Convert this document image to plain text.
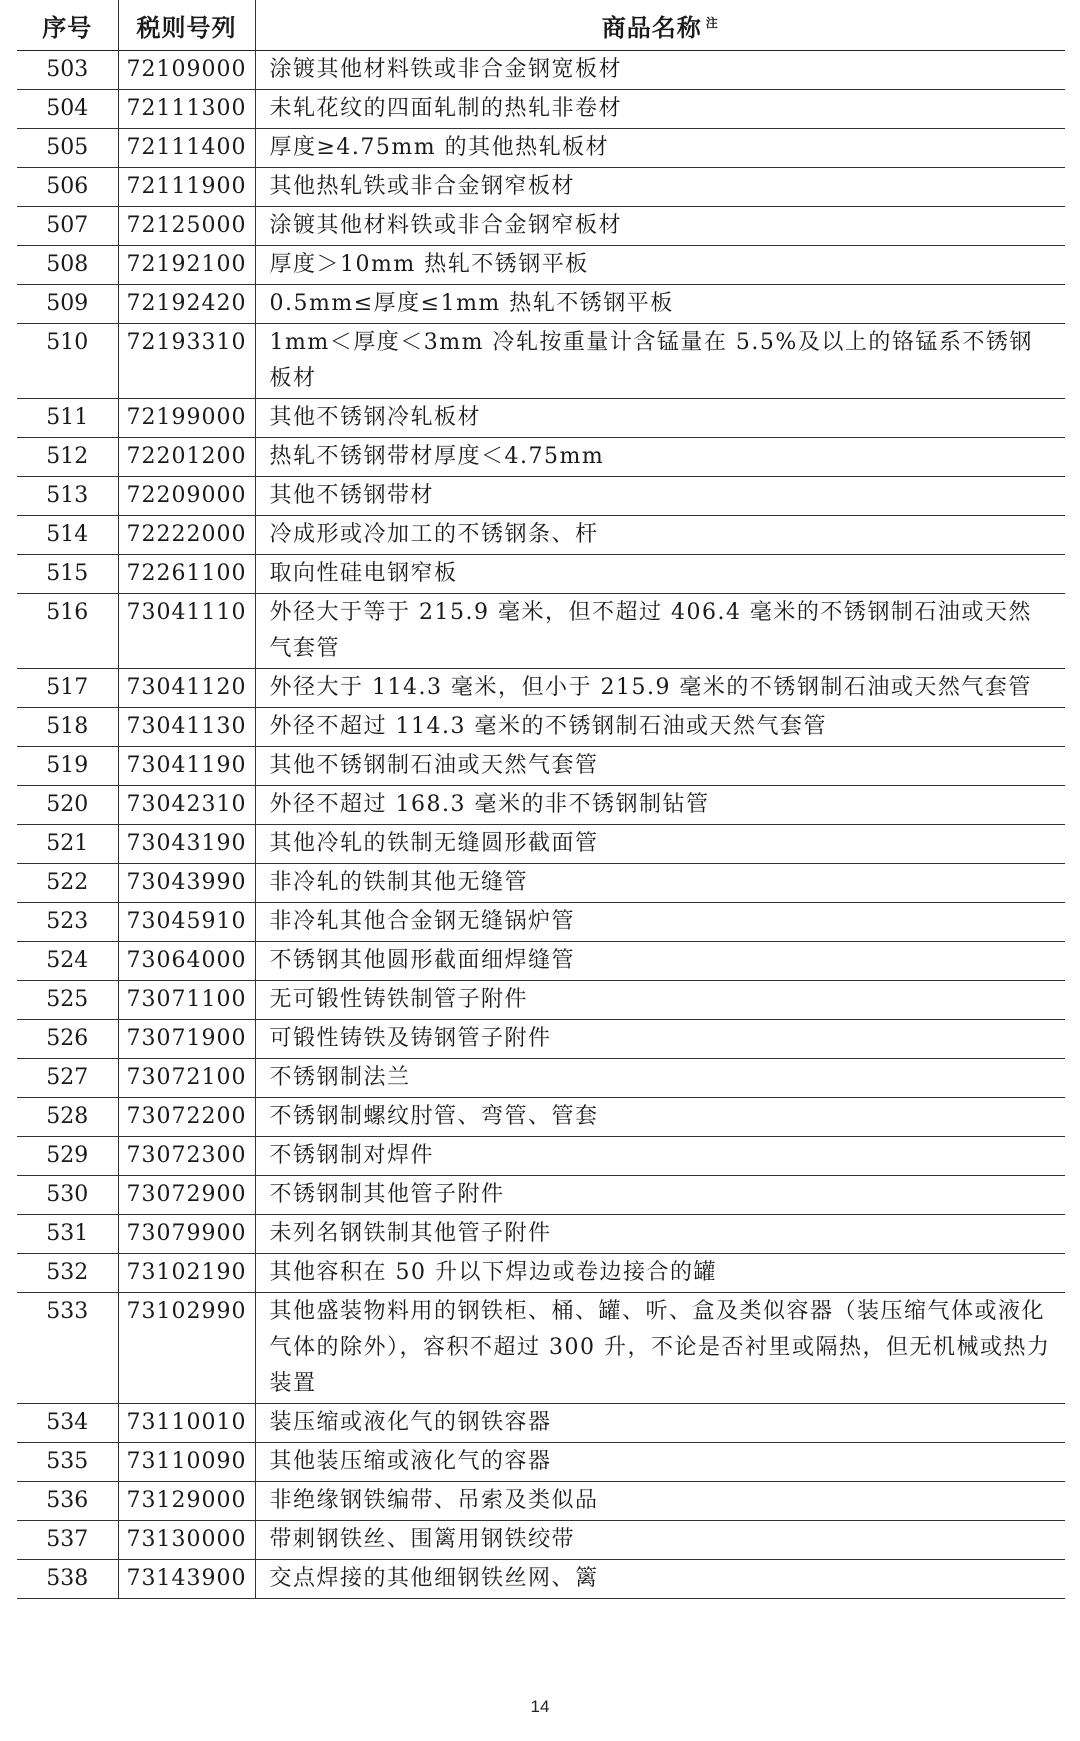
序号	税则号列	商品名称 $^注$
503	72109000	涂镀其他材料铁或非合金钢宽板材
504	72111300	未轧花纹的四面轧制的热轧非卷材
505	72111400	厚度≥4.75mm 的其他热轧板材
506	72111900	其他热轧铁或非合金钢窄板材
507	72125000	涂镀其他材料铁或非合金钢窄板材
508	72192100	厚度＞10mm 热轧不锈钢平板
509	72192420	0.5mm≤厚度≤1mm 热轧不锈钢平板
510	72193310	1mm＜厚度＜3mm 冷轧按重量计含锰量在 5.5%及以上的铬锰系不锈钢板材
511	72199000	其他不锈钢冷轧板材
512	72201200	热轧不锈钢带材厚度＜4.75mm
513	72209000	其他不锈钢带材
514	72222000	冷成形或冷加工的不锈钢条、杆
515	72261100	取向性硅电钢窄板
516	73041110	外径大于等于 215.9 毫米，但不超过 406.4 毫米的不锈钢制石油或天然气套管
517	73041120	外径大于 114.3 毫米，但小于 215.9 毫米的不锈钢制石油或天然气套管
518	73041130	外径不超过 114.3 毫米的不锈钢制石油或天然气套管
519	73041190	其他不锈钢制石油或天然气套管
520	73042310	外径不超过 168.3 毫米的非不锈钢制钻管
521	73043190	其他冷轧的铁制无缝圆形截面管
522	73043990	非冷轧的铁制其他无缝管
523	73045910	非冷轧其他合金钢无缝锅炉管
524	73064000	不锈钢其他圆形截面细焊缝管
525	73071100	无可锻性铸铁制管子附件
526	73071900	可锻性铸铁及铸钢管子附件
527	73072100	不锈钢制法兰
528	73072200	不锈钢制螺纹肘管、弯管、管套
529	73072300	不锈钢制对焊件
530	73072900	不锈钢制其他管子附件
531	73079900	未列名钢铁制其他管子附件
532	73102190	其他容积在 50 升以下焊边或卷边接合的罐
533	73102990	其他盛装物料用的钢铁柜、桶、罐、听、盒及类似容器（装压缩气体或液化气体的除外），容积不超过 300 升，不论是否衬里或隔热，但无机械或热力装置
534	73110010	装压缩或液化气的钢铁容器
535	73110090	其他装压缩或液化气的容器
536	73129000	非绝缘钢铁编带、吊索及类似品
537	73130000	带刺钢铁丝、围篱用钢铁绞带
538	73143900	交点焊接的其他细钢铁丝网、篱
14
